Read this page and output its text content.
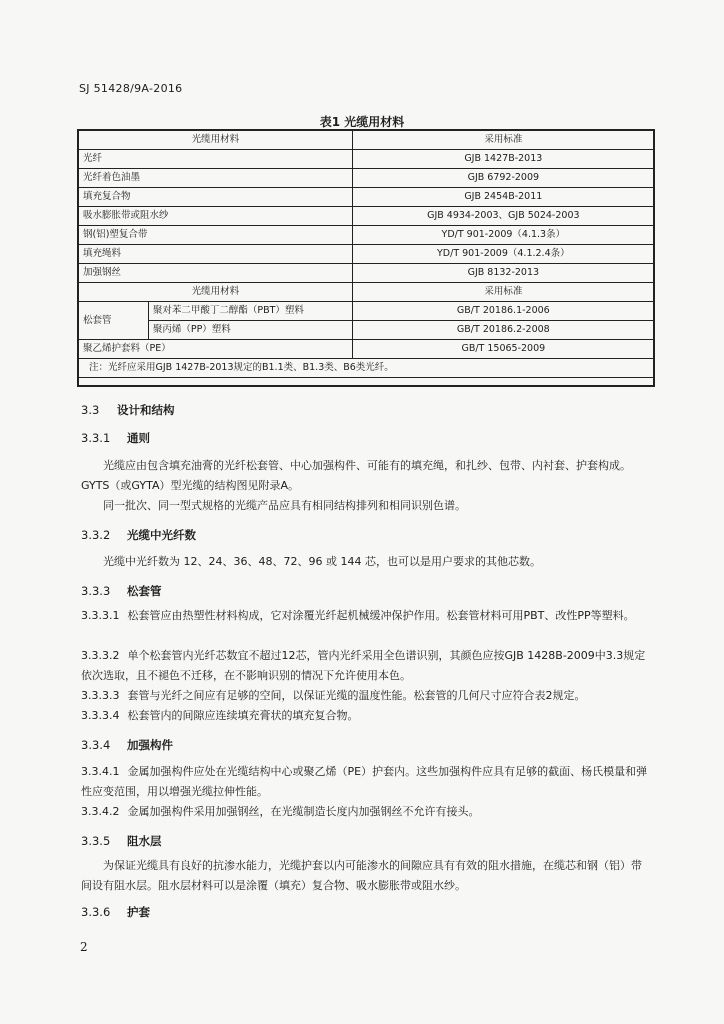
SJ 51428/9A-2016
表1 光缆用材料
光缆用材料		采用标准
光纤		GJB 1427B-2013
光纤着色油墨		GJB 6792-2009
填充复合物		GJB 2454B-2011
吸水膨胀带或阻水纱		GJB 4934-2003、GJB 5024-2003
钢(铝)塑复合带		YD/T 901-2009（4.1.3条）
填充绳料		YD/T 901-2009（4.1.2.4条）
加强钢丝		GJB 8132-2013
光缆用材料		采用标准
松套管	聚对苯二甲酸丁二醇酯（PBT）塑料	GB/T 20186.1-2006
	聚丙烯（PP）塑料	GB/T 20186.2-2008
聚乙烯护套料（PE）		GB/T 15065-2009
注：光纤应采用GJB 1427B-2013规定的B1.1类、B1.3类、B6类光纤。		
3.3 设计和结构
3.3.1 通则
光缆应由包含填充油膏的光纤松套管、中心加强构件、可能有的填充绳，和扎纱、包带、内衬套、护套构成。GYTS（或GYTA）型光缆的结构图见附录A。
同一批次、同一型式规格的光缆产品应具有相同结构排列和相同识别色谱。
3.3.2 光缆中光纤数
光缆中光纤数为 12、24、36、48、72、96 或 144 芯，也可以是用户要求的其他芯数。
3.3.3 松套管
3.3.3.1 松套管应由热塑性材料构成，它对涂覆光纤起机械缓冲保护作用。松套管材料可用PBT、改性PP等塑料。
3.3.3.2 单个松套管内光纤芯数宜不超过12芯，管内光纤采用全色谱识别，其颜色应按GJB 1428B-2009中3.3规定依次选取，且不褪色不迁移，在不影响识别的情况下允许使用本色。
3.3.3.3 套管与光纤之间应有足够的空间，以保证光缆的温度性能。松套管的几何尺寸应符合表2规定。
3.3.3.4 松套管内的间隙应连续填充膏状的填充复合物。
3.3.4 加强构件
3.3.4.1 金属加强构件应处在光缆结构中心或聚乙烯（PE）护套内。这些加强构件应具有足够的截面、杨氏模量和弹性应变范围，用以增强光缆拉伸性能。
3.3.4.2 金属加强构件采用加强钢丝，在光缆制造长度内加强钢丝不允许有接头。
3.3.5 阻水层
为保证光缆具有良好的抗渗水能力，光缆护套以内可能渗水的间隙应具有有效的阻水措施，在缆芯和钢（铝）带间设有阻水层。阻水层材料可以是涂覆（填充）复合物、吸水膨胀带或阻水纱。
3.3.6 护套
2
